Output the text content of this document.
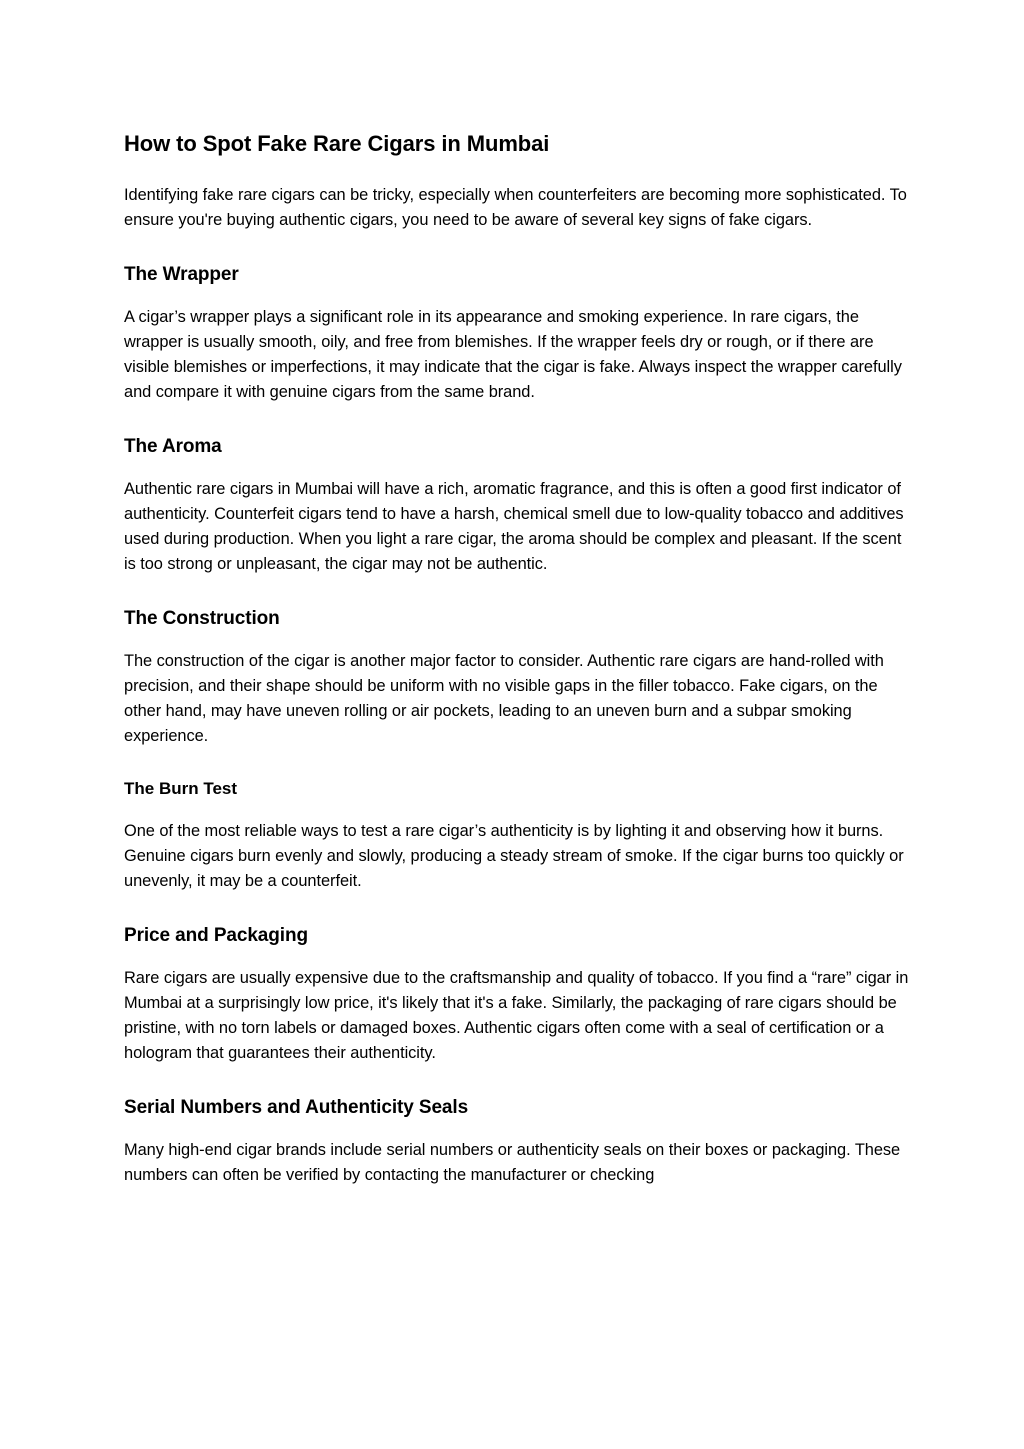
How to Spot Fake Rare Cigars in Mumbai

Identifying fake rare cigars can be tricky, especially when counterfeiters are becoming more sophisticated. To ensure you're buying authentic cigars, you need to be aware of several key signs of fake cigars.

The Wrapper

A cigar’s wrapper plays a significant role in its appearance and smoking experience. In rare cigars, the wrapper is usually smooth, oily, and free from blemishes. If the wrapper feels dry or rough, or if there are visible blemishes or imperfections, it may indicate that the cigar is fake. Always inspect the wrapper carefully and compare it with genuine cigars from the same brand.

The Aroma

Authentic rare cigars in Mumbai will have a rich, aromatic fragrance, and this is often a good first indicator of authenticity. Counterfeit cigars tend to have a harsh, chemical smell due to low-quality tobacco and additives used during production. When you light a rare cigar, the aroma should be complex and pleasant. If the scent is too strong or unpleasant, the cigar may not be authentic.

The Construction

The construction of the cigar is another major factor to consider. Authentic rare cigars are hand-rolled with precision, and their shape should be uniform with no visible gaps in the filler tobacco. Fake cigars, on the other hand, may have uneven rolling or air pockets, leading to an uneven burn and a subpar smoking experience.

The Burn Test

One of the most reliable ways to test a rare cigar’s authenticity is by lighting it and observing how it burns. Genuine cigars burn evenly and slowly, producing a steady stream of smoke. If the cigar burns too quickly or unevenly, it may be a counterfeit.

Price and Packaging

Rare cigars are usually expensive due to the craftsmanship and quality of tobacco. If you find a “rare” cigar in Mumbai at a surprisingly low price, it's likely that it's a fake. Similarly, the packaging of rare cigars should be pristine, with no torn labels or damaged boxes. Authentic cigars often come with a seal of certification or a hologram that guarantees their authenticity.

Serial Numbers and Authenticity Seals

Many high-end cigar brands include serial numbers or authenticity seals on their boxes or packaging. These numbers can often be verified by contacting the manufacturer or checking
